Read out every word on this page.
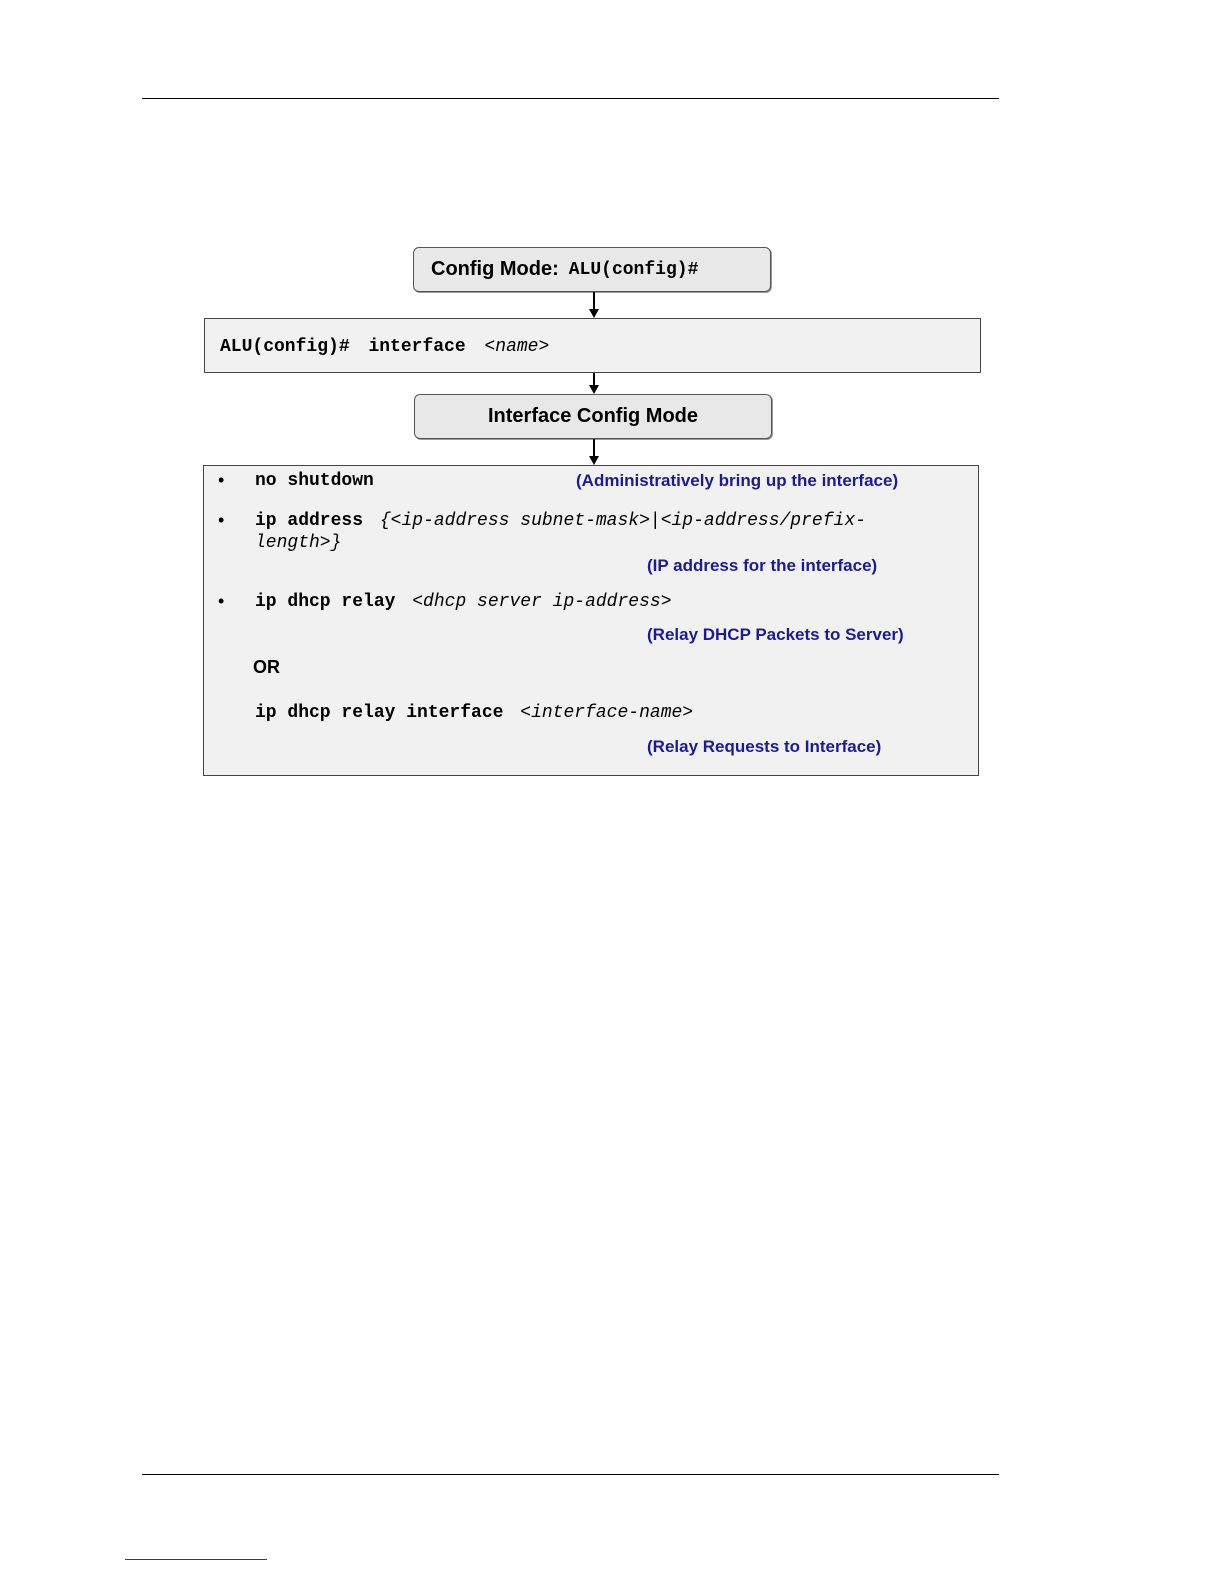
Config Mode: ALU(config)#
ALU(config)# interface <name>
Interface Config Mode
• no shutdown	(Administratively bring up the interface)
• ip address {<ip-address subnet-mask>|<ip-address/prefix-
length>}
(IP address for the interface)
• ip dhcp relay <dhcp server ip-address>
(Relay DHCP Packets to Server)
OR
ip dhcp relay interface <interface-name>
(Relay Requests to Interface)
